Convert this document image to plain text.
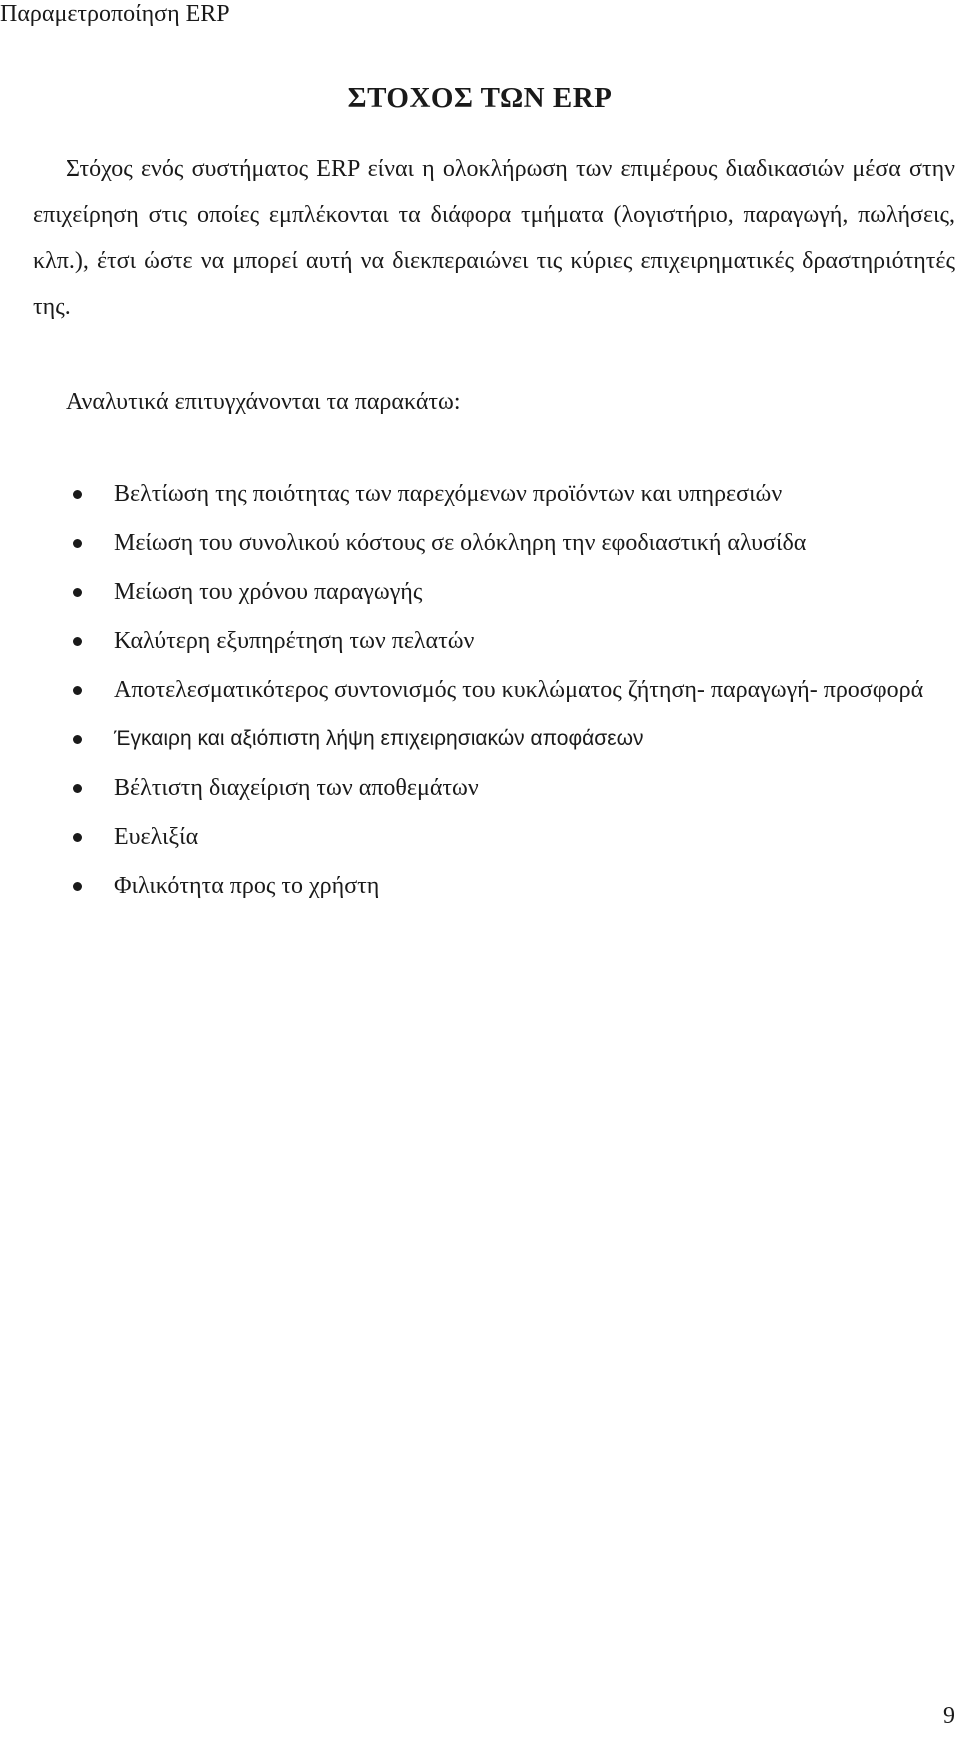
Παραμετροποίηση ERP
ΣΤΟΧΟΣ ΤΩΝ ERP

Στόχος ενός συστήματος ERP είναι η ολοκλήρωση των επιμέρους διαδικασιών μέσα στην επιχείρηση στις οποίες εμπλέκονται τα διάφορα τμήματα (λογιστήριο, παραγωγή, πωλήσεις, κλπ.), έτσι ώστε να μπορεί αυτή να διεκπεραιώνει τις κύριες επιχειρηματικές δραστηριότητές της.

Αναλυτικά επιτυγχάνονται τα παρακάτω:

Βελτίωση της ποιότητας των παρεχόμενων προϊόντων και υπηρεσιών
Μείωση του συνολικού κόστους σε ολόκληρη την εφοδιαστική αλυσίδα
Μείωση του χρόνου παραγωγής
Καλύτερη εξυπηρέτηση των πελατών
Αποτελεσματικότερος συντονισμός του κυκλώματος ζήτηση- παραγωγή- προσφορά
Έγκαιρη και αξιόπιστη λήψη επιχειρησιακών αποφάσεων
Βέλτιστη διαχείριση των αποθεμάτων
Ευελιξία
Φιλικότητα προς το χρήστη
9
